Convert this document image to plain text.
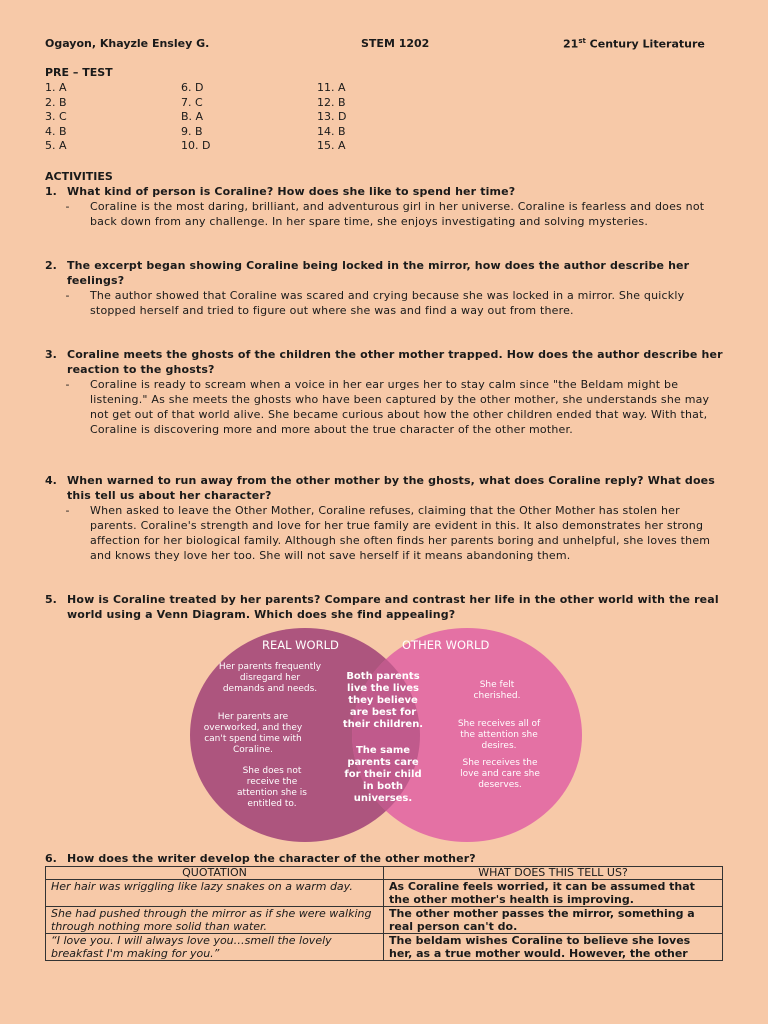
Ogayon, Khayzle Ensley G.	STEM 1202	21st Century Literature
PRE – TEST
1. A
2. B
3. C
4. B
5. A
6. D
7. C
B. A
9. B
10. D
11. A
12. B
13. D
14. B
15. A
ACTIVITIES
1. What kind of person is Coraline? How does she like to spend her time?
-	Coraline is the most daring, brilliant, and adventurous girl in her universe. Coraline is fearless and does not back down from any challenge. In her spare time, she enjoys investigating and solving mysteries.
2. The excerpt began showing Coraline being locked in the mirror, how does the author describe her feelings?
-	The author showed that Coraline was scared and crying because she was locked in a mirror. She quickly stopped herself and tried to figure out where she was and find a way out from there.
3. Coraline meets the ghosts of the children the other mother trapped. How does the author describe her reaction to the ghosts?
-	Coraline is ready to scream when a voice in her ear urges her to stay calm since "the Beldam might be listening." As she meets the ghosts who have been captured by the other mother, she understands she may not get out of that world alive. She became curious about how the other children ended that way. With that, Coraline is discovering more and more about the true character of the other mother.
4. When warned to run away from the other mother by the ghosts, what does Coraline reply? What does this tell us about her character?
-	When asked to leave the Other Mother, Coraline refuses, claiming that the Other Mother has stolen her parents. Coraline's strength and love for her true family are evident in this. It also demonstrates her strong affection for her biological family. Although she often finds her parents boring and unhelpful, she loves them and knows they love her too. She will not save herself if it means abandoning them.
5. How is Coraline treated by her parents? Compare and contrast her life in the other world with the real world using a Venn Diagram. Which does she find appealing?
REAL WORLD	OTHER WORLD
Her parents frequently disregard her demands and needs.
Her parents are overworked, and they can't spend time with Coraline.
She does not receive the attention she is entitled to.
Both parents live the lives they believe are best for their children.
The same parents care for their child in both universes.
She felt cherished.
She receives all of the attention she desires.
She receives the love and care she deserves.
6. How does the writer develop the character of the other mother?
QUOTATION	WHAT DOES THIS TELL US?
Her hair was wriggling like lazy snakes on a warm day.	As Coraline feels worried, it can be assumed that the other mother's health is improving.
She had pushed through the mirror as if she were walking through nothing more solid than water.	The other mother passes the mirror, something a real person can't do.
“I love you. I will always love you…smell the lovely breakfast I'm making for you.”	The beldam wishes Coraline to believe she loves her, as a true mother would. However, the other
